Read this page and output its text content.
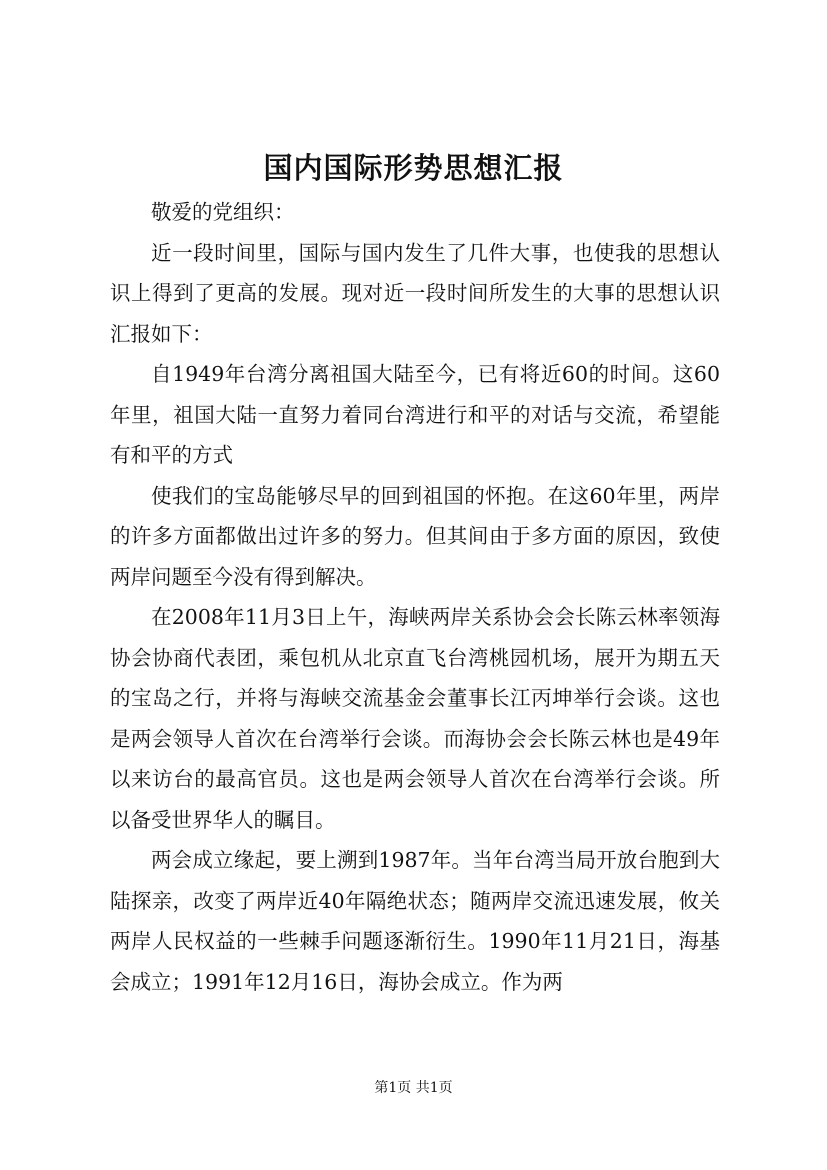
国内国际形势思想汇报

敬爱的党组织：

近一段时间里，国际与国内发生了几件大事，也使我的思想认识上得到了更高的发展。现对近一段时间所发生的大事的思想认识汇报如下：

自1949年台湾分离祖国大陆至今，已有将近60的时间。这60年里，祖国大陆一直努力着同台湾进行和平的对话与交流，希望能有和平的方式

使我们的宝岛能够尽早的回到祖国的怀抱。在这60年里，两岸的许多方面都做出过许多的努力。但其间由于多方面的原因，致使两岸问题至今没有得到解决。

在2008年11月3日上午，海峡两岸关系协会会长陈云林率领海协会协商代表团，乘包机从北京直飞台湾桃园机场，展开为期五天的宝岛之行，并将与海峡交流基金会董事长江丙坤举行会谈。这也是两会领导人首次在台湾举行会谈。而海协会会长陈云林也是49年以来访台的最高官员。这也是两会领导人首次在台湾举行会谈。所以备受世界华人的瞩目。

两会成立缘起，要上溯到1987年。当年台湾当局开放台胞到大陆探亲，改变了两岸近40年隔绝状态；随两岸交流迅速发展，攸关两岸人民权益的一些棘手问题逐渐衍生。1990年11月21日，海基会成立；1991年12月16日，海协会成立。作为两

第1页 共1页
